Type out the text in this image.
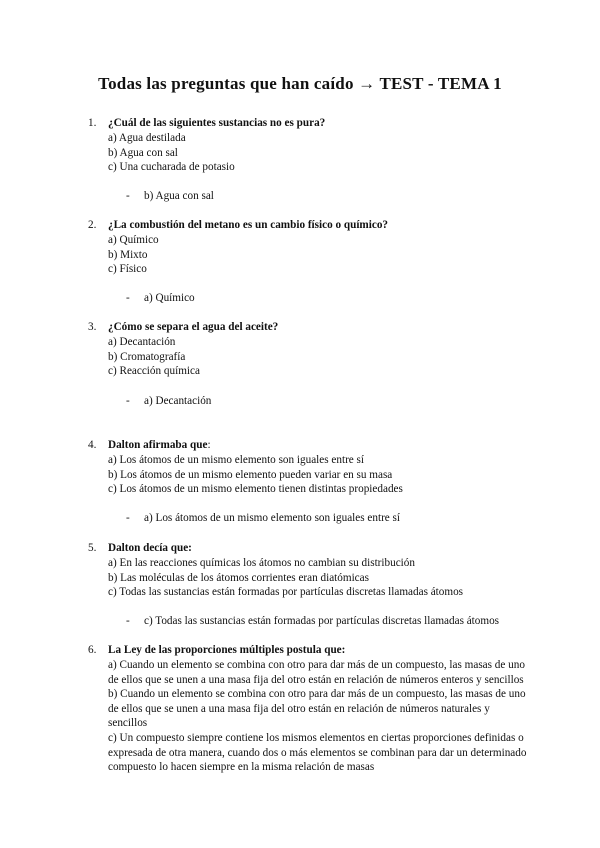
Todas las preguntas que han caído → TEST - TEMA 1
1. ¿Cuál de las siguientes sustancias no es pura?
a) Agua destilada
b) Agua con sal
c) Una cucharada de potasio
- b) Agua con sal
2. ¿La combustión del metano es un cambio físico o químico?
a) Químico
b) Mixto
c) Físico
- a) Químico
3. ¿Cómo se separa el agua del aceite?
a) Decantación
b) Cromatografía
c) Reacción química
- a) Decantación
4. Dalton afirmaba que:
a) Los átomos de un mismo elemento son iguales entre sí
b) Los átomos de un mismo elemento pueden variar en su masa
c) Los átomos de un mismo elemento tienen distintas propiedades
- a) Los átomos de un mismo elemento son iguales entre sí
5. Dalton decía que:
a) En las reacciones químicas los átomos no cambian su distribución
b) Las moléculas de los átomos corrientes eran diatómicas
c) Todas las sustancias están formadas por partículas discretas llamadas átomos
- c) Todas las sustancias están formadas por partículas discretas llamadas átomos
6. La Ley de las proporciones múltiples postula que:
a) Cuando un elemento se combina con otro para dar más de un compuesto, las masas de uno de ellos que se unen a una masa fija del otro están en relación de números enteros y sencillos
b) Cuando un elemento se combina con otro para dar más de un compuesto, las masas de uno de ellos que se unen a una masa fija del otro están en relación de números naturales y sencillos
c) Un compuesto siempre contiene los mismos elementos en ciertas proporciones definidas o expresada de otra manera, cuando dos o más elementos se combinan para dar un determinado compuesto lo hacen siempre en la misma relación de masas
